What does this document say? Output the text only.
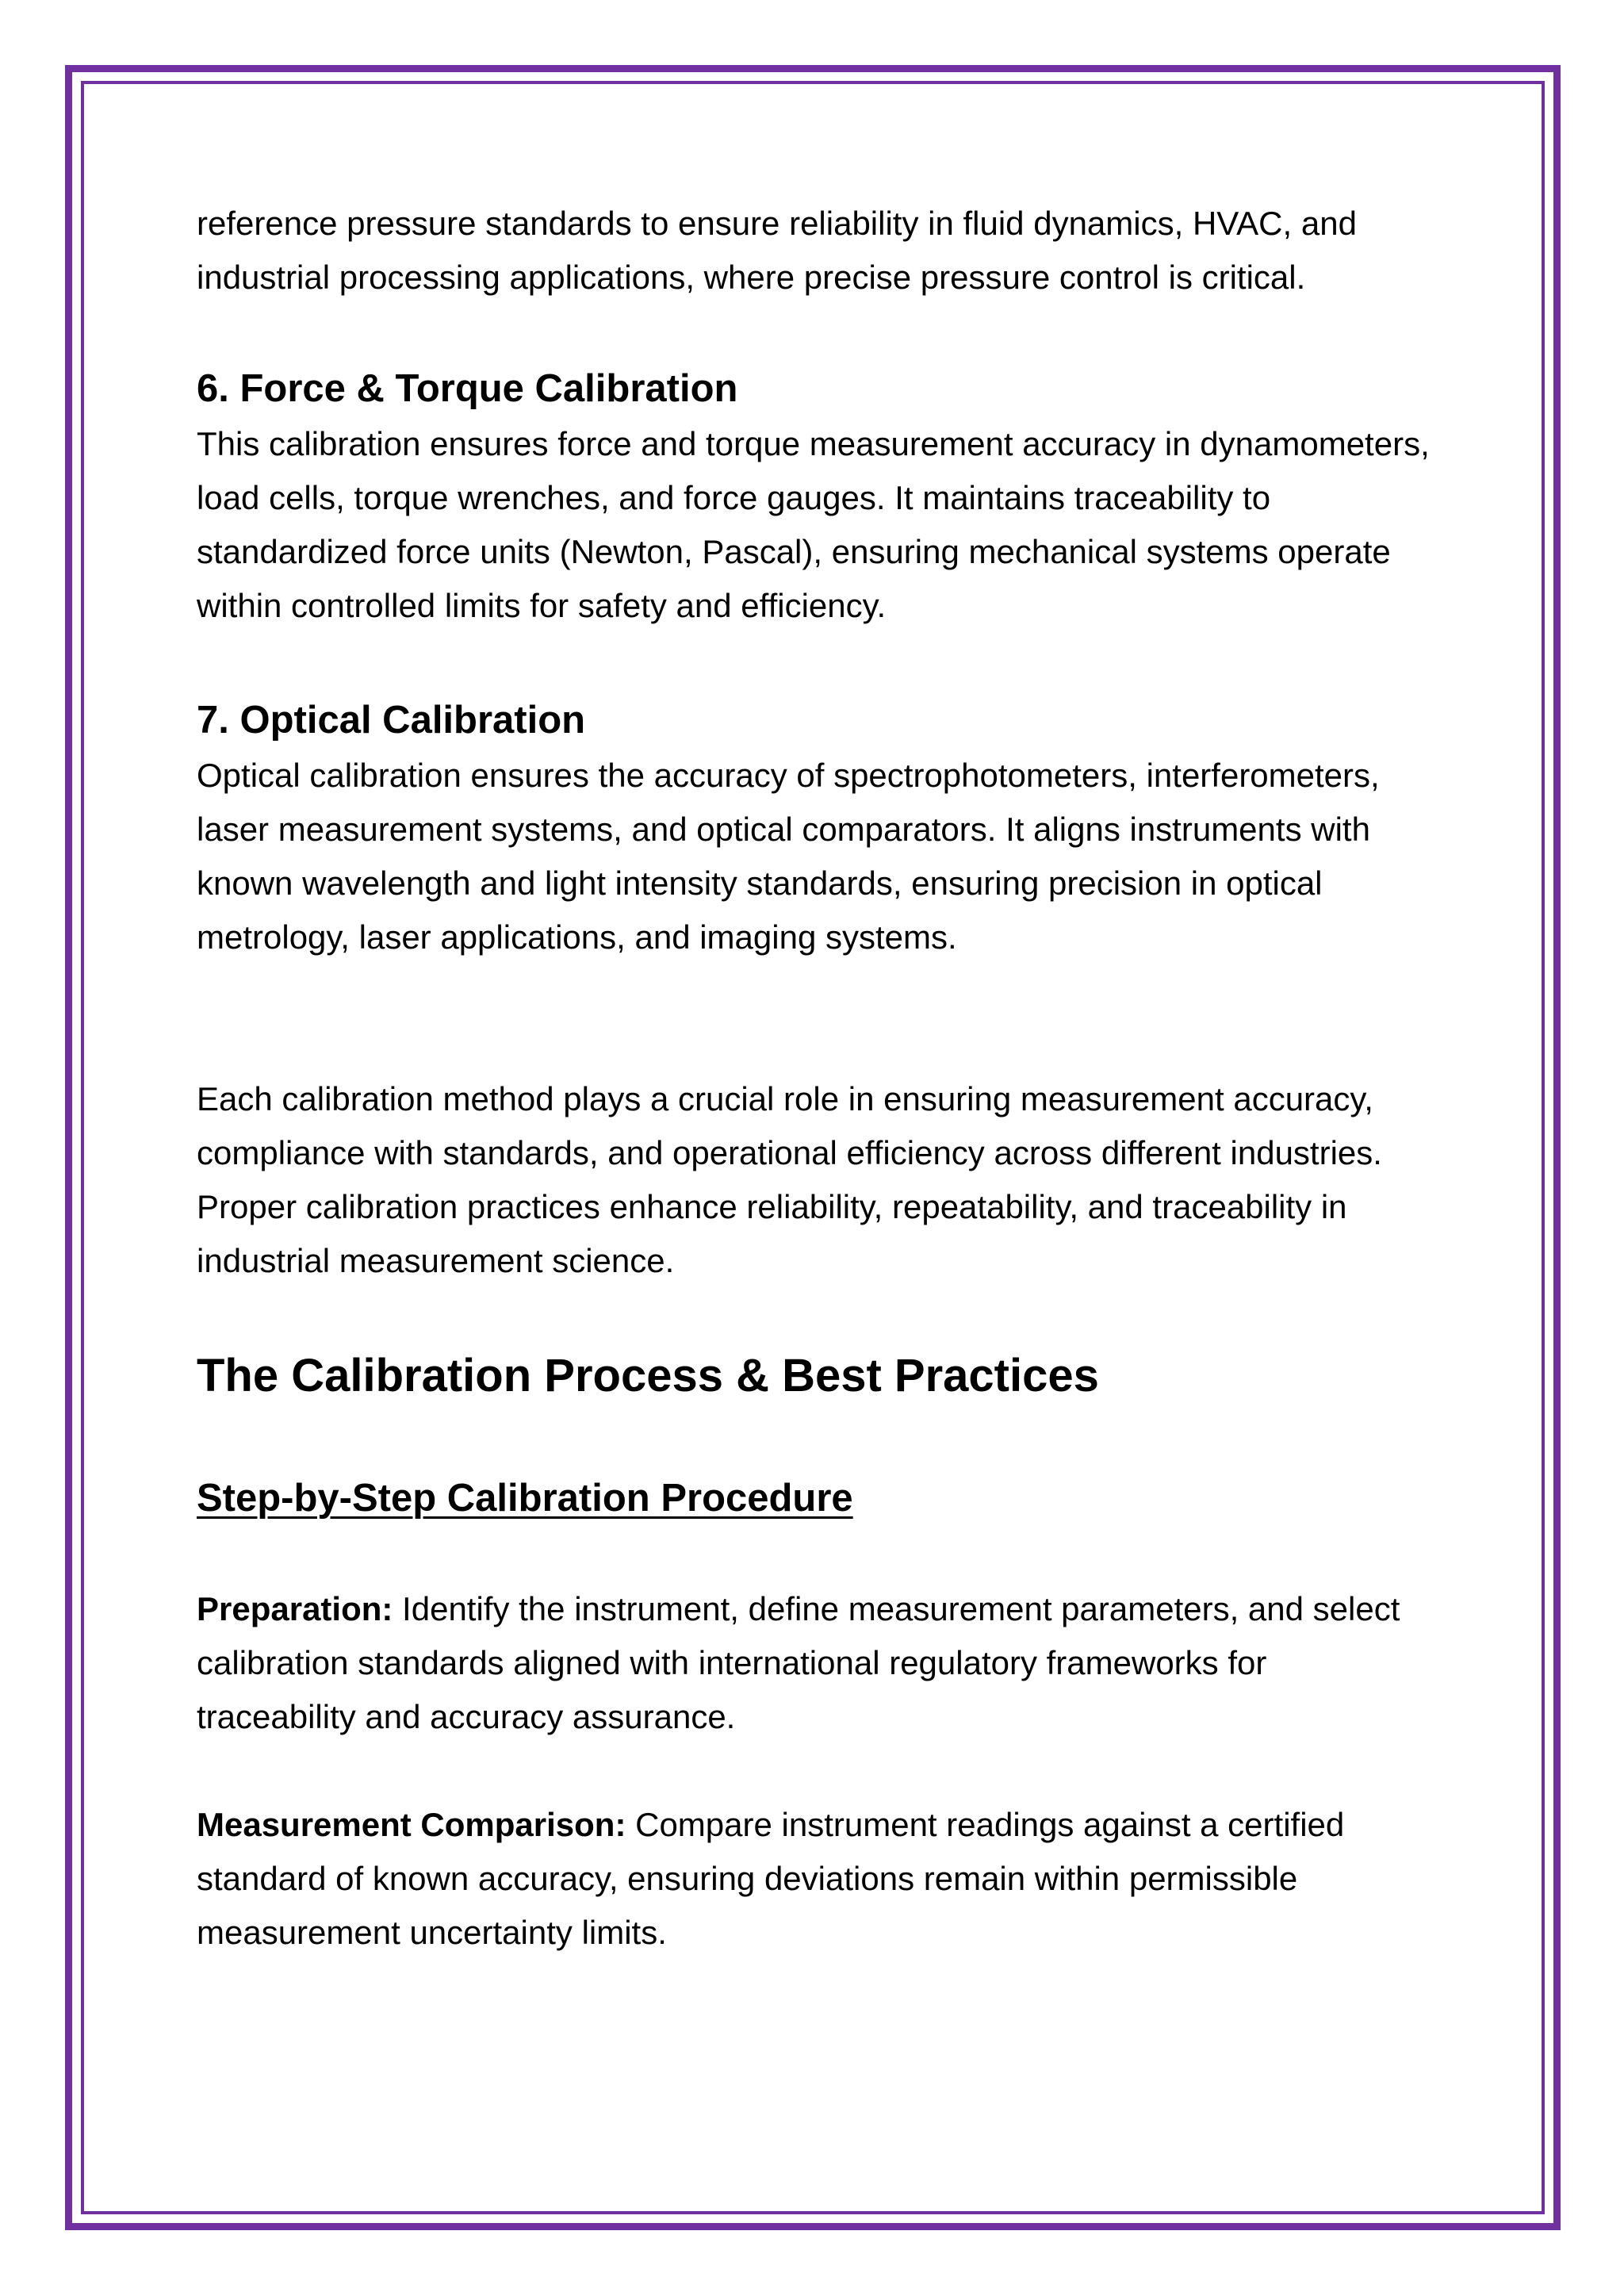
reference pressure standards to ensure reliability in fluid dynamics, HVAC, and industrial processing applications, where precise pressure control is critical.

6. Force & Torque Calibration

This calibration ensures force and torque measurement accuracy in dynamometers, load cells, torque wrenches, and force gauges. It maintains traceability to standardized force units (Newton, Pascal), ensuring mechanical systems operate within controlled limits for safety and efficiency.

7. Optical Calibration

Optical calibration ensures the accuracy of spectrophotometers, interferometers, laser measurement systems, and optical comparators. It aligns instruments with known wavelength and light intensity standards, ensuring precision in optical metrology, laser applications, and imaging systems.

Each calibration method plays a crucial role in ensuring measurement accuracy, compliance with standards, and operational efficiency across different industries. Proper calibration practices enhance reliability, repeatability, and traceability in industrial measurement science.

The Calibration Process & Best Practices
Step-by-Step Calibration Procedure

Preparation: Identify the instrument, define measurement parameters, and select calibration standards aligned with international regulatory frameworks for traceability and accuracy assurance.

Measurement Comparison: Compare instrument readings against a certified standard of known accuracy, ensuring deviations remain within permissible measurement uncertainty limits.
